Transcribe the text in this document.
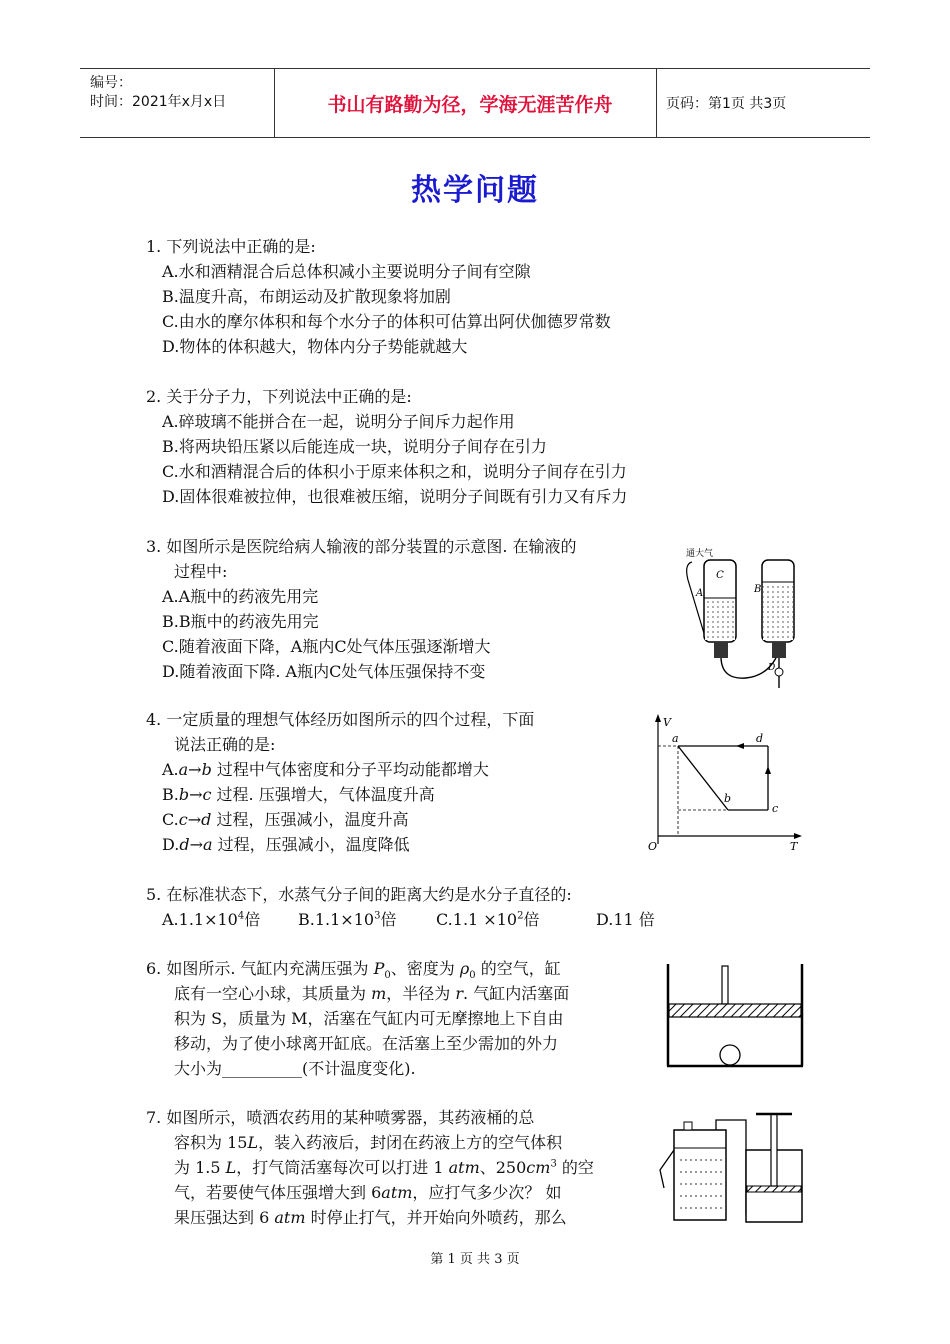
编号：
时间：2021年x月x日	书山有路勤为径，学海无涯苦作舟	页码：第1页 共3页
热学问题
1. 下列说法中正确的是:
A.水和酒精混合后总体积减小主要说明分子间有空隙
B.温度升高，布朗运动及扩散现象将加剧
C.由水的摩尔体积和每个水分子的体积可估算出阿伏伽德罗常数
D.物体的体积越大，物体内分子势能就越大
2. 关于分子力，下列说法中正确的是:
A.碎玻璃不能拼合在一起，说明分子间斥力起作用
B.将两块铅压紧以后能连成一块，说明分子间存在引力
C.水和酒精混合后的体积小于原来体积之和，说明分子间存在引力
D.固体很难被拉伸，也很难被压缩，说明分子间既有引力又有斥力
3. 如图所示是医院给病人输液的部分装置的示意图. 在输液的
过程中:
A.A瓶中的药液先用完
B.B瓶中的药液先用完
C.随着液面下降，A瓶内C处气体压强逐渐增大
D.随着液面下降. A瓶内C处气体压强保持不变
通大气
C
A	B
D
4. 一定质量的理想气体经历如图所示的四个过程，下面
说法正确的是:
A.a→b 过程中气体密度和分子平均动能都增大
B.b→c 过程. 压强增大，气体温度升高
C.c→d 过程，压强减小，温度升高
D.d→a 过程，压强减小，温度降低
V
T
O
a	d
b
c
5. 在标准状态下，水蒸气分子间的距离大约是水分子直径的:
$A.1.1\times 10^4$倍 $B.1.1\times 10^3$倍 $C.1.1 \times 10^2$倍	D.11 倍
6. 如图所示. 气缸内充满压强为 $P_0$、密度为 $\rho_0$ 的空气，缸
底有一空心小球，其质量为 m，半径为 r. 气缸内活塞面
积为 S，质量为 M，活塞在气缸内可无摩擦地上下自由
移动，为了使小球离开缸底。在活塞上至少需加的外力
大小为__________(不计温度变化).
7. 如图所示，喷洒农药用的某种喷雾器，其药液桶的总
容积为 15L，装入药液后，封闭在药液上方的空气体积
为 1.5 L，打气筒活塞每次可以打进 1 atm、$250cm^3$ 的空
气，若要使气体压强增大到 6atm，应打气多少次？ 如
果压强达到 6 atm 时停止打气，并开始向外喷药，那么
第 1 页 共 3 页
